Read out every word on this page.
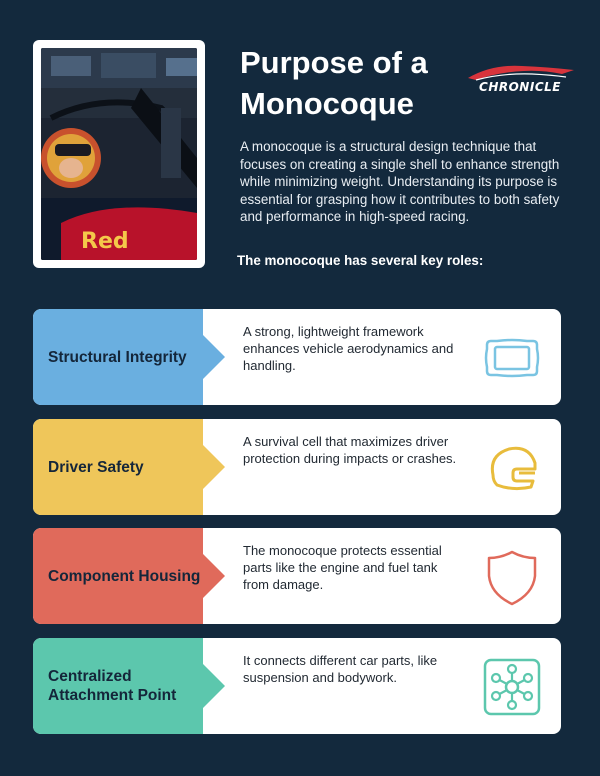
Red
Purpose of a Monocoque	CHRONICLE

A monocoque is a structural design technique that focuses on creating a single shell to enhance strength while minimizing weight. Understanding its purpose is essential for grasping how it contributes to both safety and performance in high-speed racing.

The monocoque has several key roles:

Structural Integrity
A strong, lightweight framework enhances vehicle aerodynamics and handling.
Driver Safety
A survival cell that maximizes driver protection during impacts or crashes.
Component Housing
The monocoque protects essential parts like the engine and fuel tank from damage.
Centralized Attachment Point
It connects different car parts, like suspension and bodywork.
